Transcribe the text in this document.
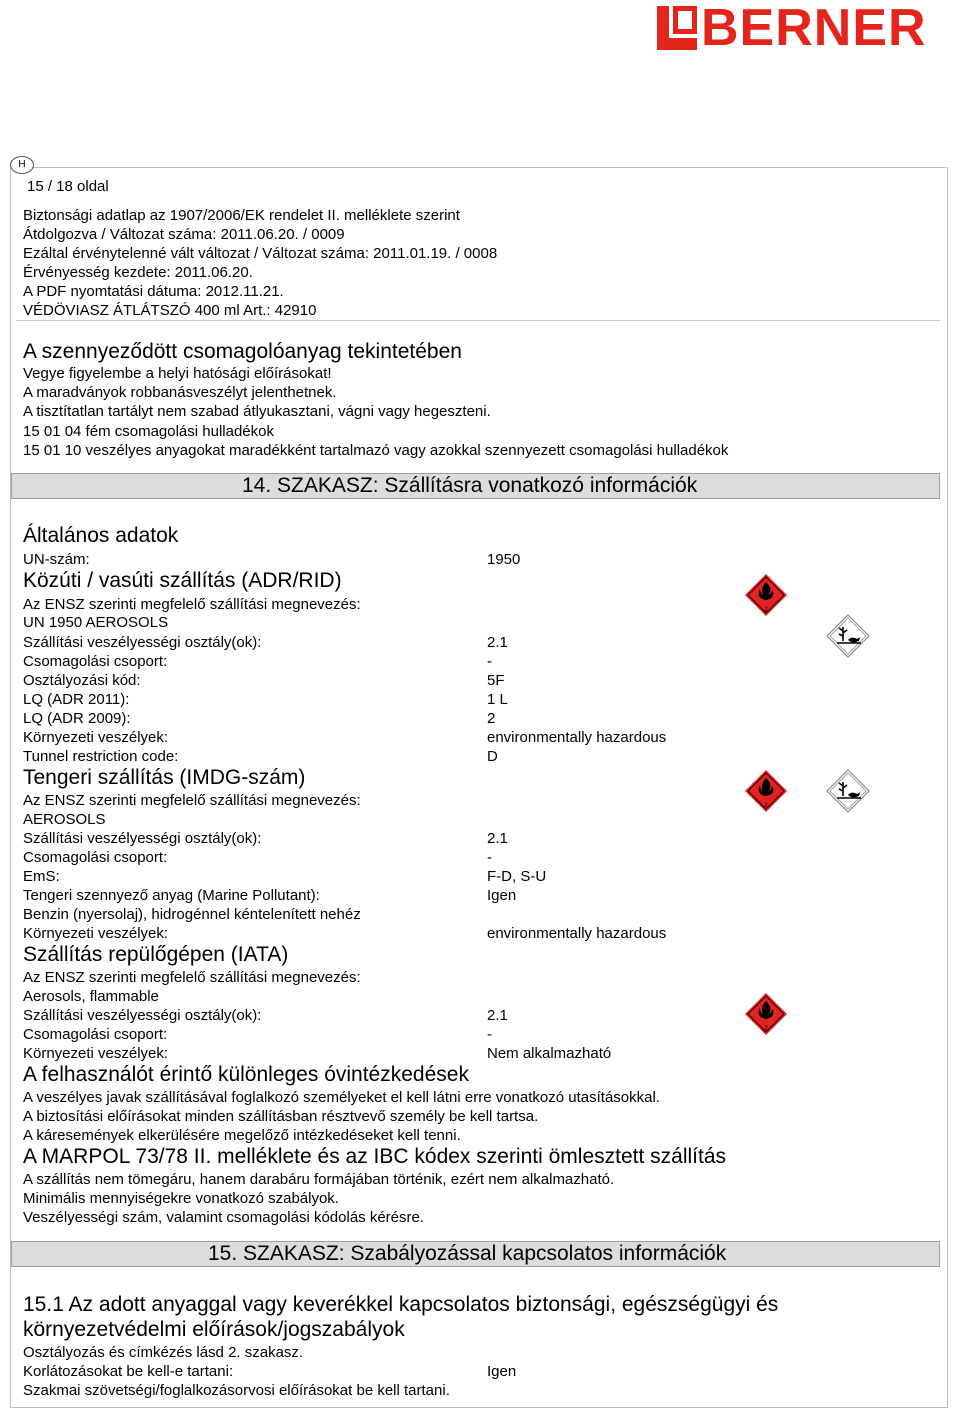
BERNER
H
15 / 18 oldal
Biztonsági adatlap az 1907/2006/EK rendelet II. melléklete szerint
Átdolgozva / Változat száma: 2011.06.20. / 0009
Ezáltal érvénytelenné vált változat / Változat száma: 2011.01.19. / 0008
Érvényesség kezdete: 2011.06.20.
A PDF nyomtatási dátuma: 2012.11.21.
VÉDÖVIASZ ÁTLÁTSZÓ 400 ml Art.: 42910
A szennyeződött csomagolóanyag tekintetében
Vegye figyelembe a helyi hatósági előírásokat!
A maradványok robbanásveszélyt jelenthetnek.
A tisztítatlan tartályt nem szabad átlyukasztani, vágni vagy hegeszteni.
15 01 04 fém csomagolási hulladékok
15 01 10 veszélyes anyagokat maradékként tartalmazó vagy azokkal szennyezett csomagolási hulladékok
14. SZAKASZ: Szállításra vonatkozó információk
Általános adatok
UN-szám:	1950
Közúti / vasúti szállítás (ADR/RID)
Az ENSZ szerinti megfelelő szállítási megnevezés:
UN 1950 AEROSOLS
Szállítási veszélyességi osztály(ok):	2.1
Csomagolási csoport:	-
Osztályozási kód:	5F
LQ (ADR 2011):	1 L
LQ (ADR 2009):	2
Környezeti veszélyek:	environmentally hazardous
Tunnel restriction code:	D
Tengeri szállítás (IMDG-szám)
Az ENSZ szerinti megfelelő szállítási megnevezés:
AEROSOLS
Szállítási veszélyességi osztály(ok):	2.1
Csomagolási csoport:	-
EmS:	F-D, S-U
Tengeri szennyező anyag (Marine Pollutant):	Igen
Benzin (nyersolaj), hidrogénnel kéntelenített nehéz
Környezeti veszélyek:	environmentally hazardous
Szállítás repülőgépen (IATA)
Az ENSZ szerinti megfelelő szállítási megnevezés:
Aerosols, flammable
Szállítási veszélyességi osztály(ok):	2.1
Csomagolási csoport:	-
Környezeti veszélyek:	Nem alkalmazható
A felhasználót érintő különleges óvintézkedések
A veszélyes javak szállításával foglalkozó személyeket el kell látni erre vonatkozó utasításokkal.
A biztosítási előírásokat minden szállításban résztvevő személy be kell tartsa.
A káresemények elkerülésére megelőző intézkedéseket kell tenni.
A MARPOL 73/78 II. melléklete és az IBC kódex szerinti ömlesztett szállítás
A szállítás nem tömegáru, hanem darabáru formájában történik, ezért nem alkalmazható.
Minimális mennyiségekre vonatkozó szabályok.
Veszélyességi szám, valamint csomagolási kódolás kérésre.
15. SZAKASZ: Szabályozással kapcsolatos információk
15.1 Az adott anyaggal vagy keverékkel kapcsolatos biztonsági, egészségügyi és
környezetvédelmi előírások/jogszabályok
Osztályozás és címkézés lásd 2. szakasz.
Korlátozásokat be kell-e tartani:	Igen
Szakmai szövetségi/foglalkozásorvosi előírásokat be kell tartani.
2
2
2
